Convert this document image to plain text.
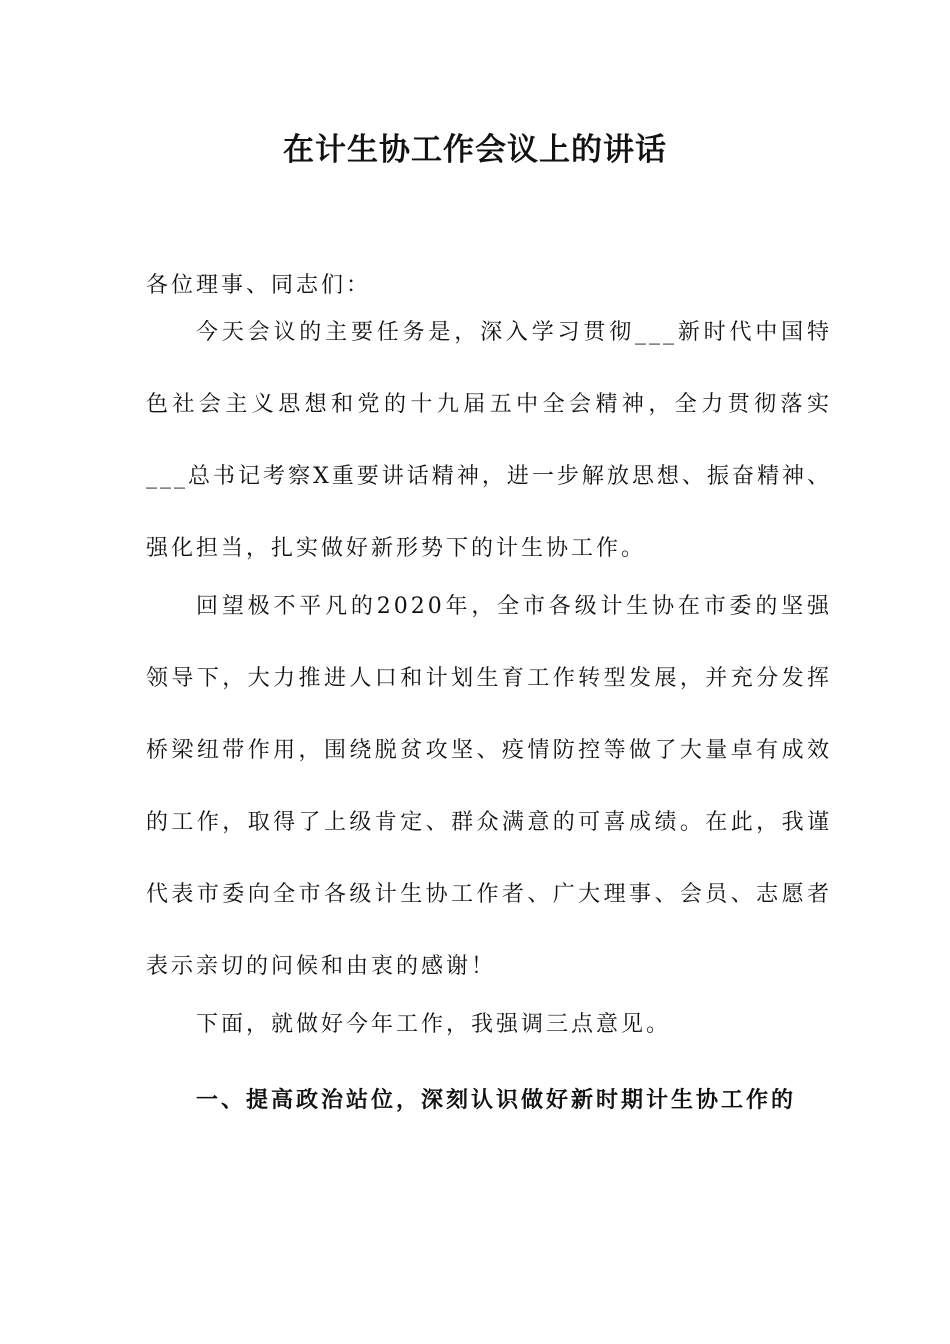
在计生协工作会议上的讲话

各位理事、同志们：

今天会议的主要任务是，深入学习贯彻___新时代中国特色社会主义思想和党的十九届五中全会精神，全力贯彻落实___总书记考察X重要讲话精神，进一步解放思想、振奋精神、强化担当，扎实做好新形势下的计生协工作。

回望极不平凡的2020年，全市各级计生协在市委的坚强领导下，大力推进人口和计划生育工作转型发展，并充分发挥桥梁纽带作用，围绕脱贫攻坚、疫情防控等做了大量卓有成效的工作，取得了上级肯定、群众满意的可喜成绩。在此，我谨代表市委向全市各级计生协工作者、广大理事、会员、志愿者表示亲切的问候和由衷的感谢！

下面，就做好今年工作，我强调三点意见。

一、提高政治站位，深刻认识做好新时期计生协工作的
